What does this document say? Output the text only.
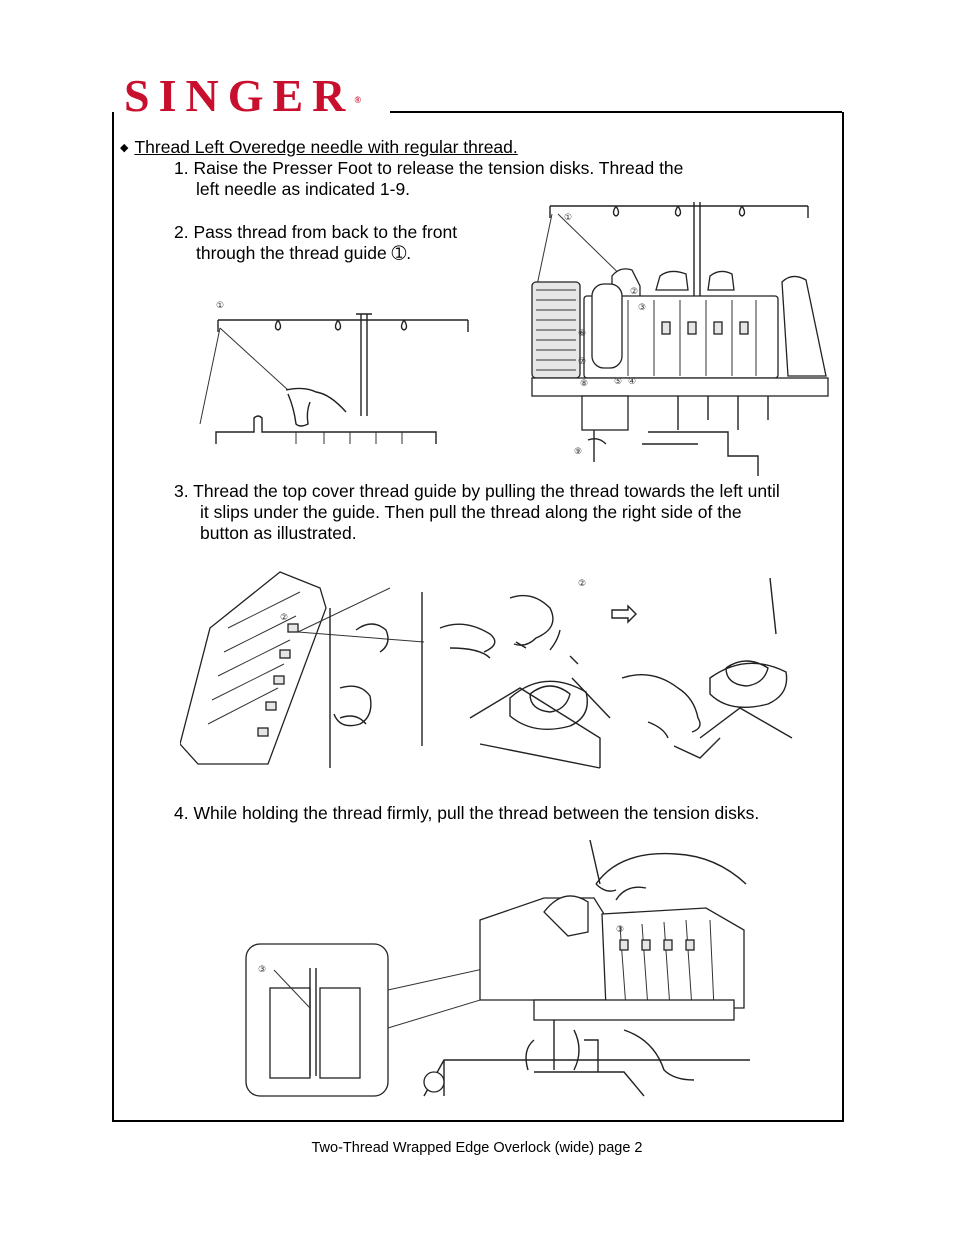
SINGER®
◆ Thread Left Overedge needle with regular thread.
1. Raise the Presser Foot to release the tension disks. Thread the
left needle as indicated 1-9.
2. Pass thread from back to the front
through the thread guide ➀.
3. Thread the top cover thread guide by pulling the thread towards the left until
it slips under the guide. Then pull the thread along the right side of the
button as illustrated.
4. While holding the thread firmly, pull the thread between the tension disks.
①
①
②
③
④
⑤
⑥
⑦
⑧
⑨
②
②
③
③
Two-Thread Wrapped Edge Overlock (wide) page 2
